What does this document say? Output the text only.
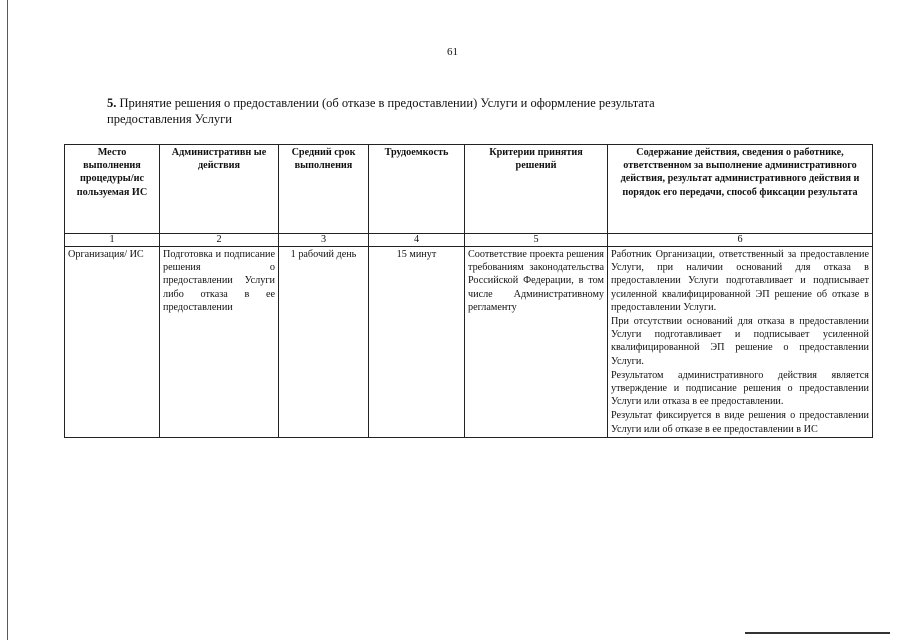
61
5. Принятие решения о предоставлении (об отказе в предоставлении) Услуги и оформление результата
предоставления Услуги
Место выполнения процедуры/ис пользуемая ИС	Административн ые действия	Средний срок выполнения	Трудоемкость	Критерии принятия решений	Содержание действия, сведения о работнике, ответственном за выполнение административного действия, результат административного действия и порядок его передачи, способ фиксации результата
1	2	3	4	5	6
Организация/ ИС	Подготовка и подписание решения о предоставлении Услуги либо отказа в ее предоставлении	1 рабочий день	15 минут	Соответствие проекта решения требованиям законодательства Российской Федерации, в том числе Административному регламенту	Работник Организации, ответственный за предоставление Услуги, при наличии оснований для отказа в предоставлении Услуги подготавливает и подписывает усиленной квалифицированной ЭП решение об отказе в предоставлении Услуги.

При отсутствии оснований для отказа в предоставлении Услуги подготавливает и подписывает усиленной квалифицированной ЭП решение о предоставлении Услуги.

Результатом административного действия является утверждение и подписание решения о предоставлении Услуги или отказа в ее предоставлении.

Результат фиксируется в виде решения о предоставлении Услуги или об отказе в ее предоставлении в ИС
